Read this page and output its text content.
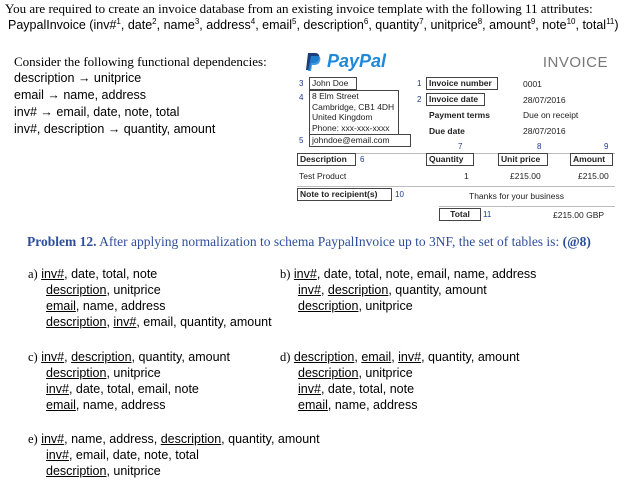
You are required to create an invoice database from an existing invoice template with the following 11 attributes:
PaypalInvoice (inv#$^1$, date$^2$, name$^3$, address$^4$, email$^5$, description$^6$, quantity$^7$, unitprice$^8$, amount$^9$, note$^{10}$, total$^{11}$)
Consider the following functional dependencies:
description → unitprice
email → name, address
inv# → email, date, note, total
inv#, description → quantity, amount
PayPal	INVOICE
3	John Doe
4 8 Elm Street
Cambridge, CB1 4DH
United Kingdom
Phone: xxx-xxx-xxxx
5	johndoe@email.com
1 Invoice number	0001
2 Invoice date	28/07/2016
Payment terms	Due on receipt
Due date	28/07/2016
7	8	9
Description	6	Quantity	Unit price	Amount
Test Product	1	£215.00	£215.00
Note to recipient(s)	10	Thanks for your business
Total	11	£215.00 GBP
Problem 12. After applying normalization to schema PaypalInvoice up to 3NF, the set of tables is: (@8)
a) inv#, date, total, note
description, unitprice
email, name, address
description, inv#, email, quantity, amount
b) inv#, date, total, note, email, name, address
inv#, description, quantity, amount
description, unitprice
c) inv#, description, quantity, amount
description, unitprice
inv#, date, total, email, note
email, name, address
d) description, email, inv#, quantity, amount
description, unitprice
inv#, date, total, note
email, name, address
e) inv#, name, address, description, quantity, amount
inv#, email, date, note, total
description, unitprice
